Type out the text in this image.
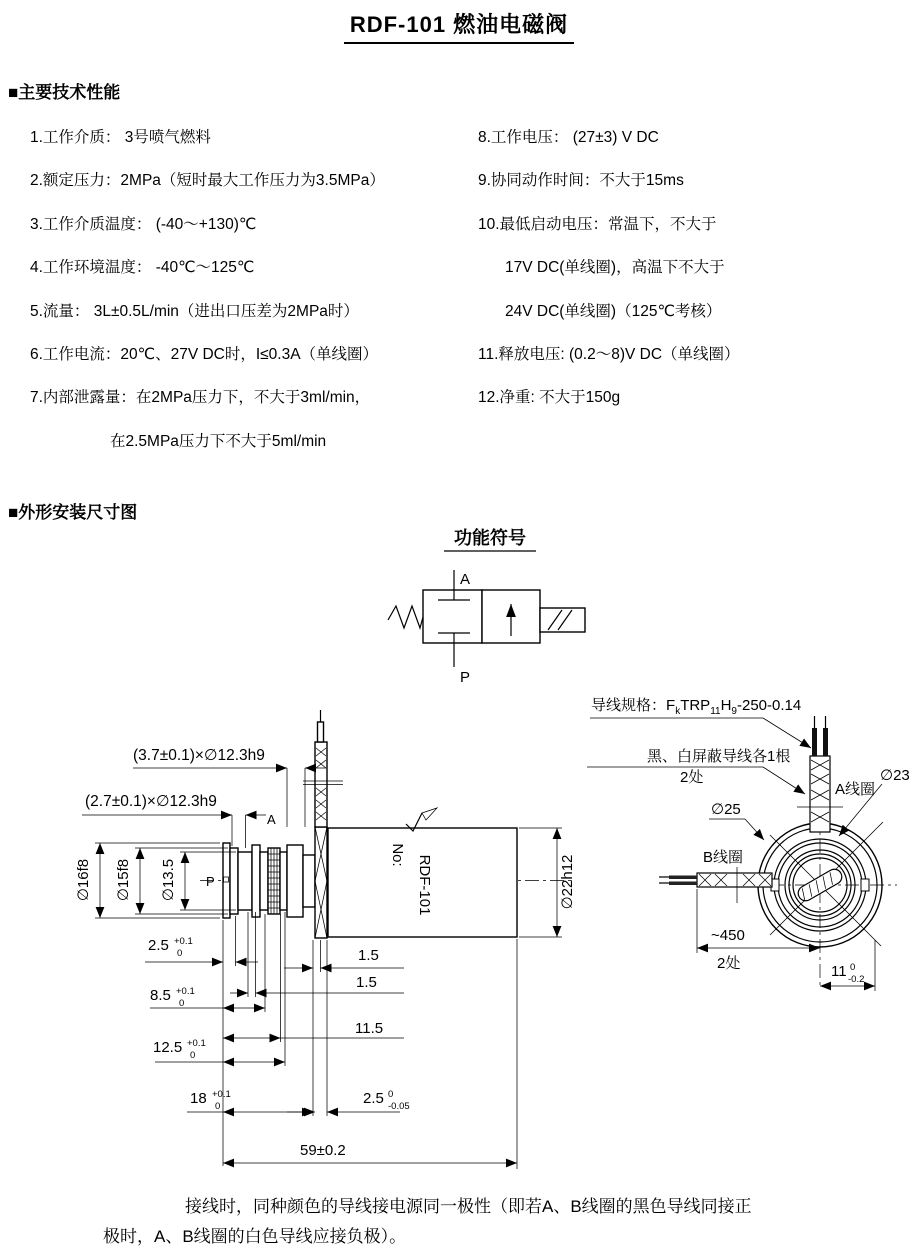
RDF-101 燃油电磁阀
■主要技术性能
1.工作介质： 3号喷气燃料
2.额定压力：2MPa（短时最大工作压力为3.5MPa）
3.工作介质温度： (-40～+130)℃
4.工作环境温度： -40℃～125℃
5.流量： 3L±0.5L/min（进出口压差为2MPa时）
6.工作电流：20℃、27V DC时，I≤0.3A（单线圈）
7.内部泄露量：在2MPa压力下，不大于3ml/min，
在2.5MPa压力下不大于5ml/min
8.工作电压： (27±3) V DC
9.协同动作时间：不大于15ms
10.最低启动电压：常温下，不大于
17V DC(单线圈)，高温下不大于
24V DC(单线圈)（125℃考核）
11.释放电压: (0.2～8)V DC（单线圈）
12.净重: 不大于150g
■外形安装尺寸图
功能符号
A
P
No: RDF-101
P
A
(3.7±0.1)×∅12.3h9
(2.7±0.1)×∅12.3h9
∅16f8 ∅15f8 ∅13.5	∅22h12
2.5 +0.1
0	1.5
8.5 +0.1
0
1.5
11.5
12.5 +0.1
0
18 +0.1
0	2.5 0
-0.05
59±0.2
导线规格：$F_kTRP_{11}H_9-250-0.14$
黑、白屏蔽导线各1根
2处
A线圈
B线圈
∅23
∅25
~450
2处	11 0
-0.2
接线时，同种颜色的导线接电源同一极性（即若A、B线圈的黑色导线同接正
极时，A、B线圈的白色导线应接负极）。
